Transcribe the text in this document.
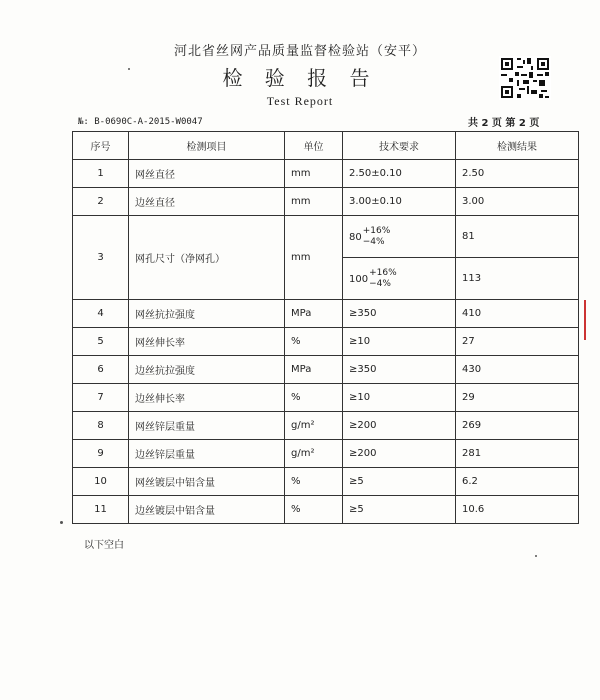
河北省丝网产品质量监督检验站（安平）
检 验 报 告
Test Report
№: B-0690C-A-2015-W0047	共 2 页 第 2 页
序号	检测项目	单位	技术要求	检测结果
1	网丝直径	mm	2.50±0.10	2.50
2	边丝直径	mm	3.00±0.10	3.00
3	网孔尺寸（净网孔）	mm	80
+16%
−4%	81
			100
+16%
−4%	113
4	网丝抗拉强度	MPa	≥350	410
5	网丝伸长率	%	≥10	27
6	边丝抗拉强度	MPa	≥350	430
7	边丝伸长率	%	≥10	29
8	网丝锌层重量	g/m²	≥200	269
9	边丝锌层重量	g/m²	≥200	281
10	网丝镀层中铝含量	%	≥5	6.2
11	边丝镀层中铝含量	%	≥5	10.6
以下空白
